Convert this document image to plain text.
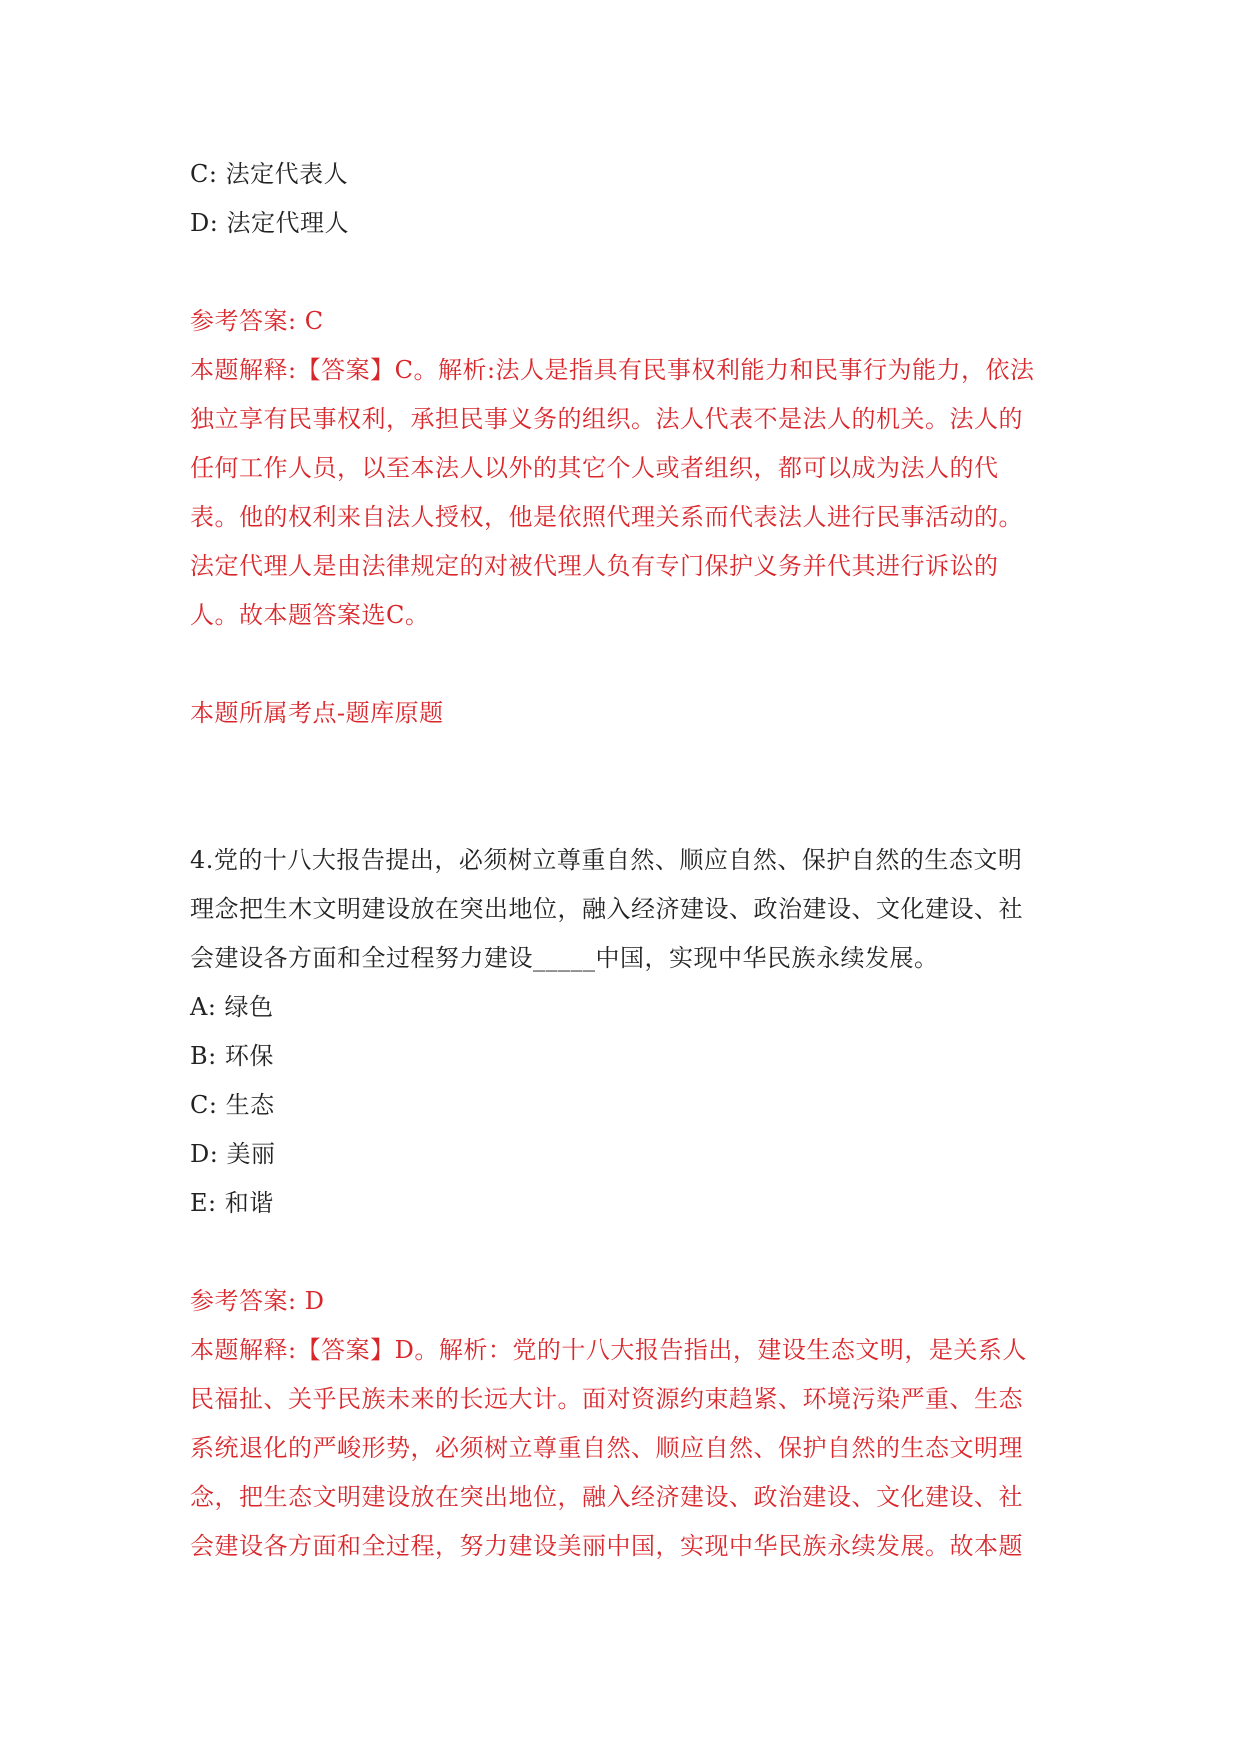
C: 法定代表人

D: 法定代理人

参考答案: C

本题解释:【答案】C。解析:法人是指具有民事权利能力和民事行为能力，依法

独立享有民事权利，承担民事义务的组织。法人代表不是法人的机关。法人的

任何工作人员，以至本法人以外的其它个人或者组织，都可以成为法人的代

表。他的权利来自法人授权，他是依照代理关系而代表法人进行民事活动的。

法定代理人是由法律规定的对被代理人负有专门保护义务并代其进行诉讼的

人。故本题答案选C。

本题所属考点-题库原题

4.党的十八大报告提出，必须树立尊重自然、顺应自然、保护自然的生态文明

理念把生木文明建设放在突出地位，融入经济建设、政治建设、文化建设、社

会建设各方面和全过程努力建设_____中国，实现中华民族永续发展。

A: 绿色

B: 环保

C: 生态

D: 美丽

E: 和谐

参考答案: D

本题解释:【答案】D。解析：党的十八大报告指出，建设生态文明，是关系人

民福扯、关乎民族未来的长远大计。面对资源约束趋紧、环境污染严重、生态

系统退化的严峻形势，必须树立尊重自然、顺应自然、保护自然的生态文明理

念，把生态文明建设放在突出地位，融入经济建设、政治建设、文化建设、社

会建设各方面和全过程，努力建设美丽中国，实现中华民族永续发展。故本题
